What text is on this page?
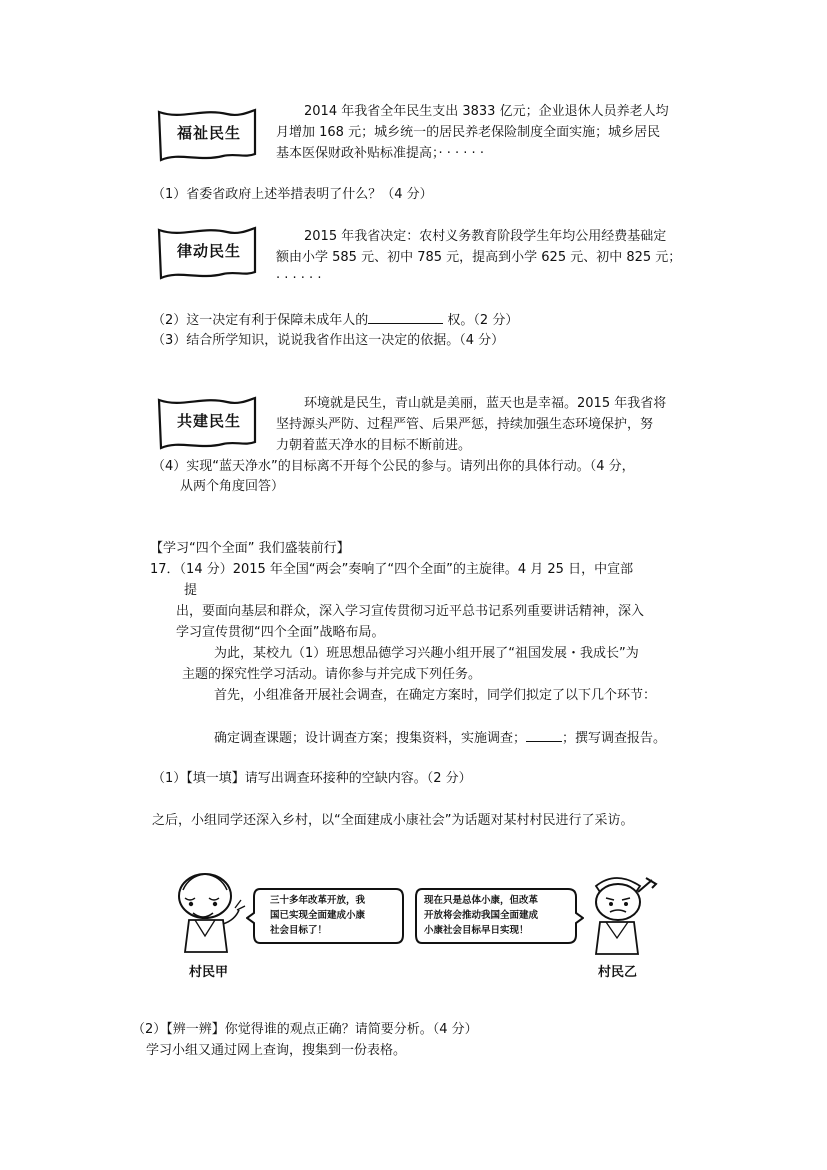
福祉民生
2014 年我省全年民生支出 3833 亿元；企业退休人员养老人均
月增加 168 元；城乡统一的居民养老保险制度全面实施；城乡居民
基本医保财政补贴标准提高；· · · · · ·
（1）省委省政府上述举措表明了什么？（4 分）
律动民生
2015 年我省决定：农村义务教育阶段学生年均公用经费基础定
额由小学 585 元、初中 785 元，提高到小学 625 元、初中 825 元；
· · · · · ·
（2）这一决定有利于保障未成年人的	权。（2 分）
（3）结合所学知识，说说我省作出这一决定的依据。（4 分）
共建民生
环境就是民生，青山就是美丽，蓝天也是幸福。2015 年我省将
坚持源头严防、过程严管、后果严惩，持续加强生态环境保护，努
力朝着蓝天净水的目标不断前进。
（4）实现“蓝天净水”的目标离不开每个公民的参与。请列出你的具体行动。（4 分，
从两个角度回答）
【学习“四个全面” 我们盛装前行】
17．（14 分）2015 年全国“两会”奏响了“四个全面”的主旋律。4 月 25 日，中宣部
提
出，要面向基层和群众，深入学习宣传贯彻习近平总书记系列重要讲话精神，深入
学习宣传贯彻“四个全面”战略布局。
为此，某校九（1）班思想品德学习兴趣小组开展了“祖国发展・我成长”为
主题的探究性学习活动。请你参与并完成下列任务。
首先，小组准备开展社会调查，在确定方案时，同学们拟定了以下几个环节：
确定调查课题；设计调查方案；搜集资料，实施调查；	；撰写调查报告。
（1）【填一填】请写出调查环接种的空缺内容。（2 分）
之后，小组同学还深入乡村，以“全面建成小康社会”为话题对某村村民进行了采访。
村民甲
三十多年改革开放，我
国已实现全面建成小康
社会目标了！
现在只是总体小康，但改革
开放将会推动我国全面建成
小康社会目标早日实现！
村民乙
（2）【辨一辨】你觉得谁的观点正确？请简要分析。（4 分）
学习小组又通过网上查询，搜集到一份表格。
